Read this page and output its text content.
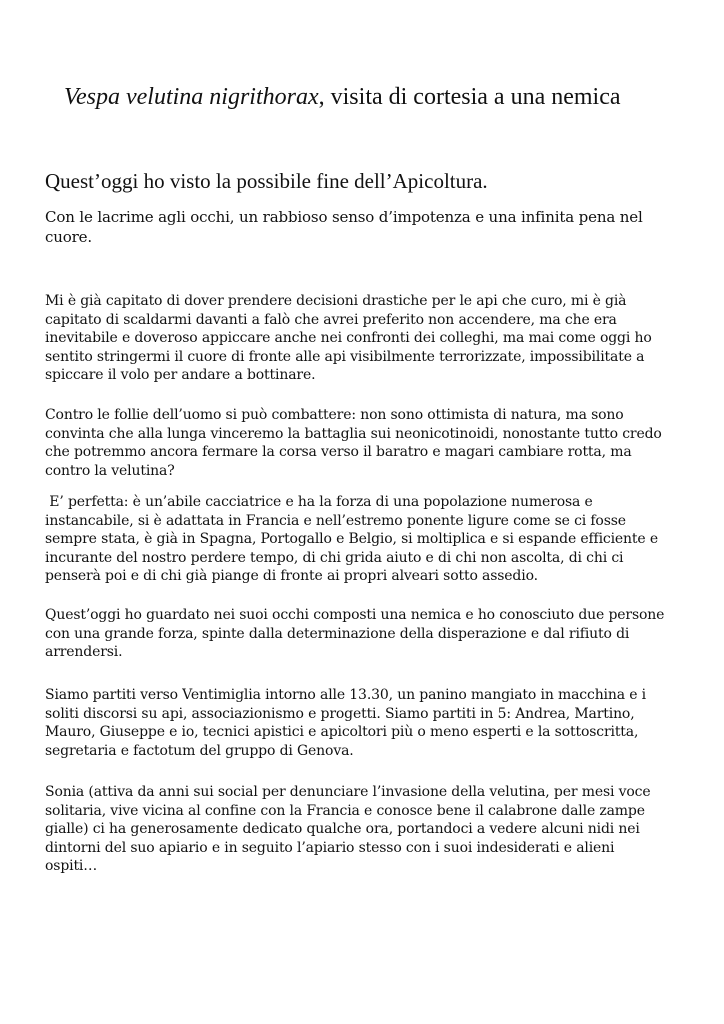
Vespa velutina nigrithorax, visita di cortesia a una nemica
Quest’oggi ho visto la possibile fine dell’Apicoltura.

Con le lacrime agli occhi, un rabbioso senso d’impotenza e una infinita pena nel
cuore.

Mi è già capitato di dover prendere decisioni drastiche per le api che curo, mi è già
capitato di scaldarmi davanti a falò che avrei preferito non accendere, ma che era
inevitabile e doveroso appiccare anche nei confronti dei colleghi, ma mai come oggi ho
sentito stringermi il cuore di fronte alle api visibilmente terrorizzate, impossibilitate a
spiccare il volo per andare a bottinare.

Contro le follie dell’uomo si può combattere: non sono ottimista di natura, ma sono
convinta che alla lunga vinceremo la battaglia sui neonicotinoidi, nonostante tutto credo
che potremmo ancora fermare la corsa verso il baratro e magari cambiare rotta, ma
contro la velutina?

E’ perfetta: è un’abile cacciatrice e ha la forza di una popolazione numerosa e
instancabile, si è adattata in Francia e nell’estremo ponente ligure come se ci fosse
sempre stata, è già in Spagna, Portogallo e Belgio, si moltiplica e si espande efficiente e
incurante del nostro perdere tempo, di chi grida aiuto e di chi non ascolta, di chi ci
penserà poi e di chi già piange di fronte ai propri alveari sotto assedio.

Quest’oggi ho guardato nei suoi occhi composti una nemica e ho conosciuto due persone
con una grande forza, spinte dalla determinazione della disperazione e dal rifiuto di
arrendersi.

Siamo partiti verso Ventimiglia intorno alle 13.30, un panino mangiato in macchina e i
soliti discorsi su api, associazionismo e progetti. Siamo partiti in 5: Andrea, Martino,
Mauro, Giuseppe e io, tecnici apistici e apicoltori più o meno esperti e la sottoscritta,
segretaria e factotum del gruppo di Genova.

Sonia (attiva da anni sui social per denunciare l’invasione della velutina, per mesi voce
solitaria, vive vicina al confine con la Francia e conosce bene il calabrone dalle zampe
gialle) ci ha generosamente dedicato qualche ora, portandoci a vedere alcuni nidi nei
dintorni del suo apiario e in seguito l’apiario stesso con i suoi indesiderati e alieni
ospiti…
